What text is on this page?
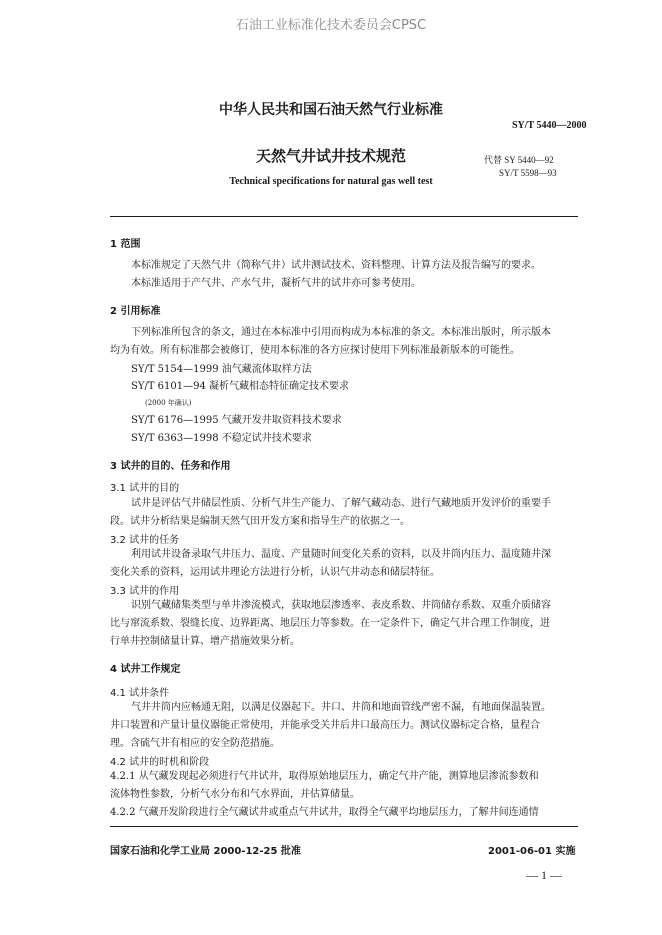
石油工业标准化技术委员会CPSC
中华人民共和国石油天然气行业标准
SY/T 5440—2000
天然气井试井技术规范	代替 SY 5440—92
SY/T 5598—93
Technical specifications for natural gas well test
1 范围
本标准规定了天然气井（简称气井）试井测试技术、资料整理、计算方法及报告编写的要求。
本标准适用于产气井、产水气井，凝析气井的试井亦可参考使用。
2 引用标准
下列标准所包含的条文，通过在本标准中引用而构成为本标准的条文。本标准出版时，所示版本
均为有效。所有标准都会被修订，使用本标准的各方应探讨使用下列标准最新版本的可能性。
SY/T 5154—1999 油气藏流体取样方法
SY/T 6101—94 凝析气藏相态特征确定技术要求
(2000 年确认)
SY/T 6176—1995 气藏开发井取资料技术要求
SY/T 6363—1998 不稳定试井技术要求
3 试井的目的、任务和作用
3.1 试井的目的
试井是评估气井储层性质、分析气井生产能力、了解气藏动态、进行气藏地质开发评价的重要手
段。试井分析结果是编制天然气田开发方案和指导生产的依据之一。
3.2 试井的任务
利用试井设备录取气井压力、温度、产量随时间变化关系的资料，以及井筒内压力、温度随井深
变化关系的资料，运用试井理论方法进行分析，认识气井动态和储层特征。
3.3 试井的作用
识别气藏储集类型与单井渗流模式，获取地层渗透率、表皮系数、井筒储存系数、双重介质储容
比与窜流系数、裂缝长度、边界距离、地层压力等参数。在一定条件下，确定气井合理工作制度，进
行单井控制储量计算、增产措施效果分析。
4 试井工作规定
4.1 试井条件
气井井筒内应畅通无阻，以满足仪器起下。井口、井筒和地面管线严密不漏，有地面保温装置。
井口装置和产量计量仪器能正常使用，并能承受关井后井口最高压力。测试仪器标定合格，量程合
理。含硫气井有相应的安全防范措施。
4.2 试井的时机和阶段
4.2.1 从气藏发现起必须进行气井试井，取得原始地层压力，确定气井产能，测算地层渗流参数和
流体物性参数，分析气水分布和气水界面，并估算储量。
4.2.2 气藏开发阶段进行全气藏试井或重点气井试井，取得全气藏平均地层压力，了解井间连通情
国家石油和化学工业局 2000-12-25 批准	2001-06-01 实施
— 1 —
